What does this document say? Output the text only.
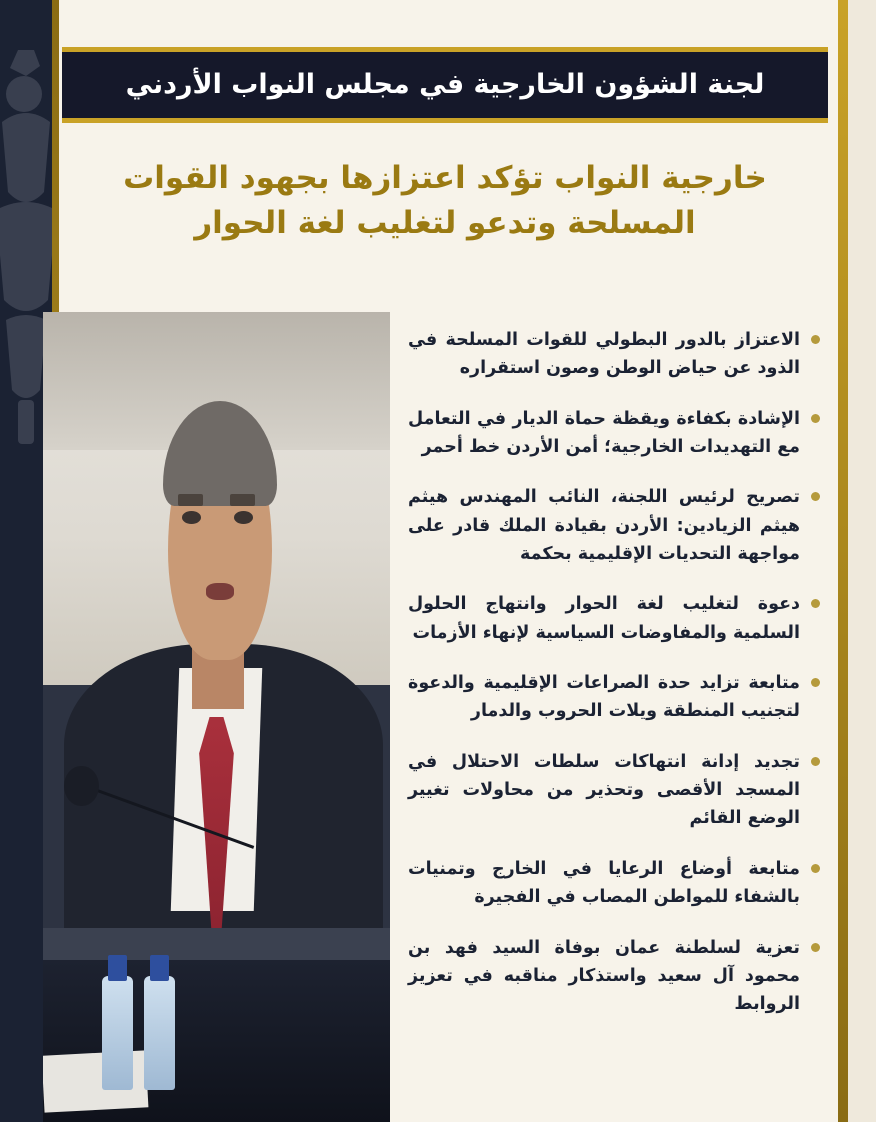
لجنة الشؤون الخارجية في مجلس النواب الأردني
خارجية النواب تؤكد اعتزازها بجهود القوات المسلحة وتدعو لتغليب لغة الحوار
الاعتزاز بالدور البطولي للقوات المسلحة في الذود عن حياض الوطن وصون استقراره
الإشادة بكفاءة ويقظة حماة الديار في التعامل مع التهديدات الخارجية؛ أمن الأردن خط أحمر
تصريح لرئيس اللجنة، النائب المهندس هيثم هيثم الزيادين: الأردن بقيادة الملك قادر على مواجهة التحديات الإقليمية بحكمة
دعوة لتغليب لغة الحوار وانتهاج الحلول السلمية والمفاوضات السياسية لإنهاء الأزمات
متابعة تزايد حدة الصراعات الإقليمية والدعوة لتجنيب المنطقة ويلات الحروب والدمار
تجديد إدانة انتهاكات سلطات الاحتلال في المسجد الأقصى وتحذير من محاولات تغيير الوضع القائم
متابعة أوضاع الرعايا في الخارج وتمنيات بالشفاء للمواطن المصاب في الفجيرة
تعزية لسلطنة عمان بوفاة السيد فهد بن محمود آل سعيد واستذكار مناقبه في تعزيز الروابط
